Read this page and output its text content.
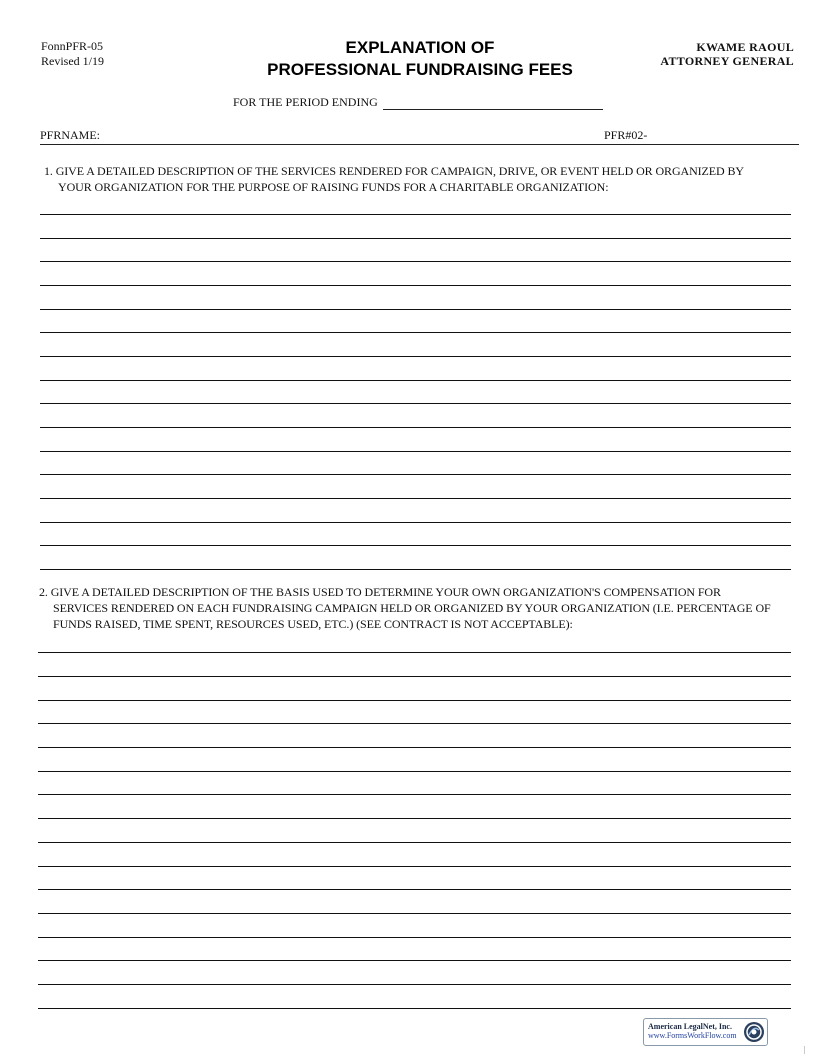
FonnPFR-05
Revised 1/19
EXPLANATION OF
PROFESSIONAL FUNDRAISING FEES
KWAME RAOUL
ATTORNEY GENERAL
FOR THE PERIOD ENDING
PFRNAME:	PFR#02-
1. GIVE A DETAILED DESCRIPTION OF THE SERVICES RENDERED FOR CAMPAIGN, DRIVE, OR EVENT HELD OR ORGANIZED BY
YOUR ORGANIZATION FOR THE PURPOSE OF RAISING FUNDS FOR A CHARITABLE ORGANIZATION:
2. GIVE A DETAILED DESCRIPTION OF THE BASIS USED TO DETERMINE YOUR OWN ORGANIZATION'S COMPENSATION FOR
SERVICES RENDERED ON EACH FUNDRAISING CAMPAIGN HELD OR ORGANIZED BY YOUR ORGANIZATION (I.E. PERCENTAGE OF
FUNDS RAISED, TIME SPENT, RESOURCES USED, ETC.) (SEE CONTRACT IS NOT ACCEPTABLE):
American LegalNet, Inc.
www.FormsWorkFlow.com
